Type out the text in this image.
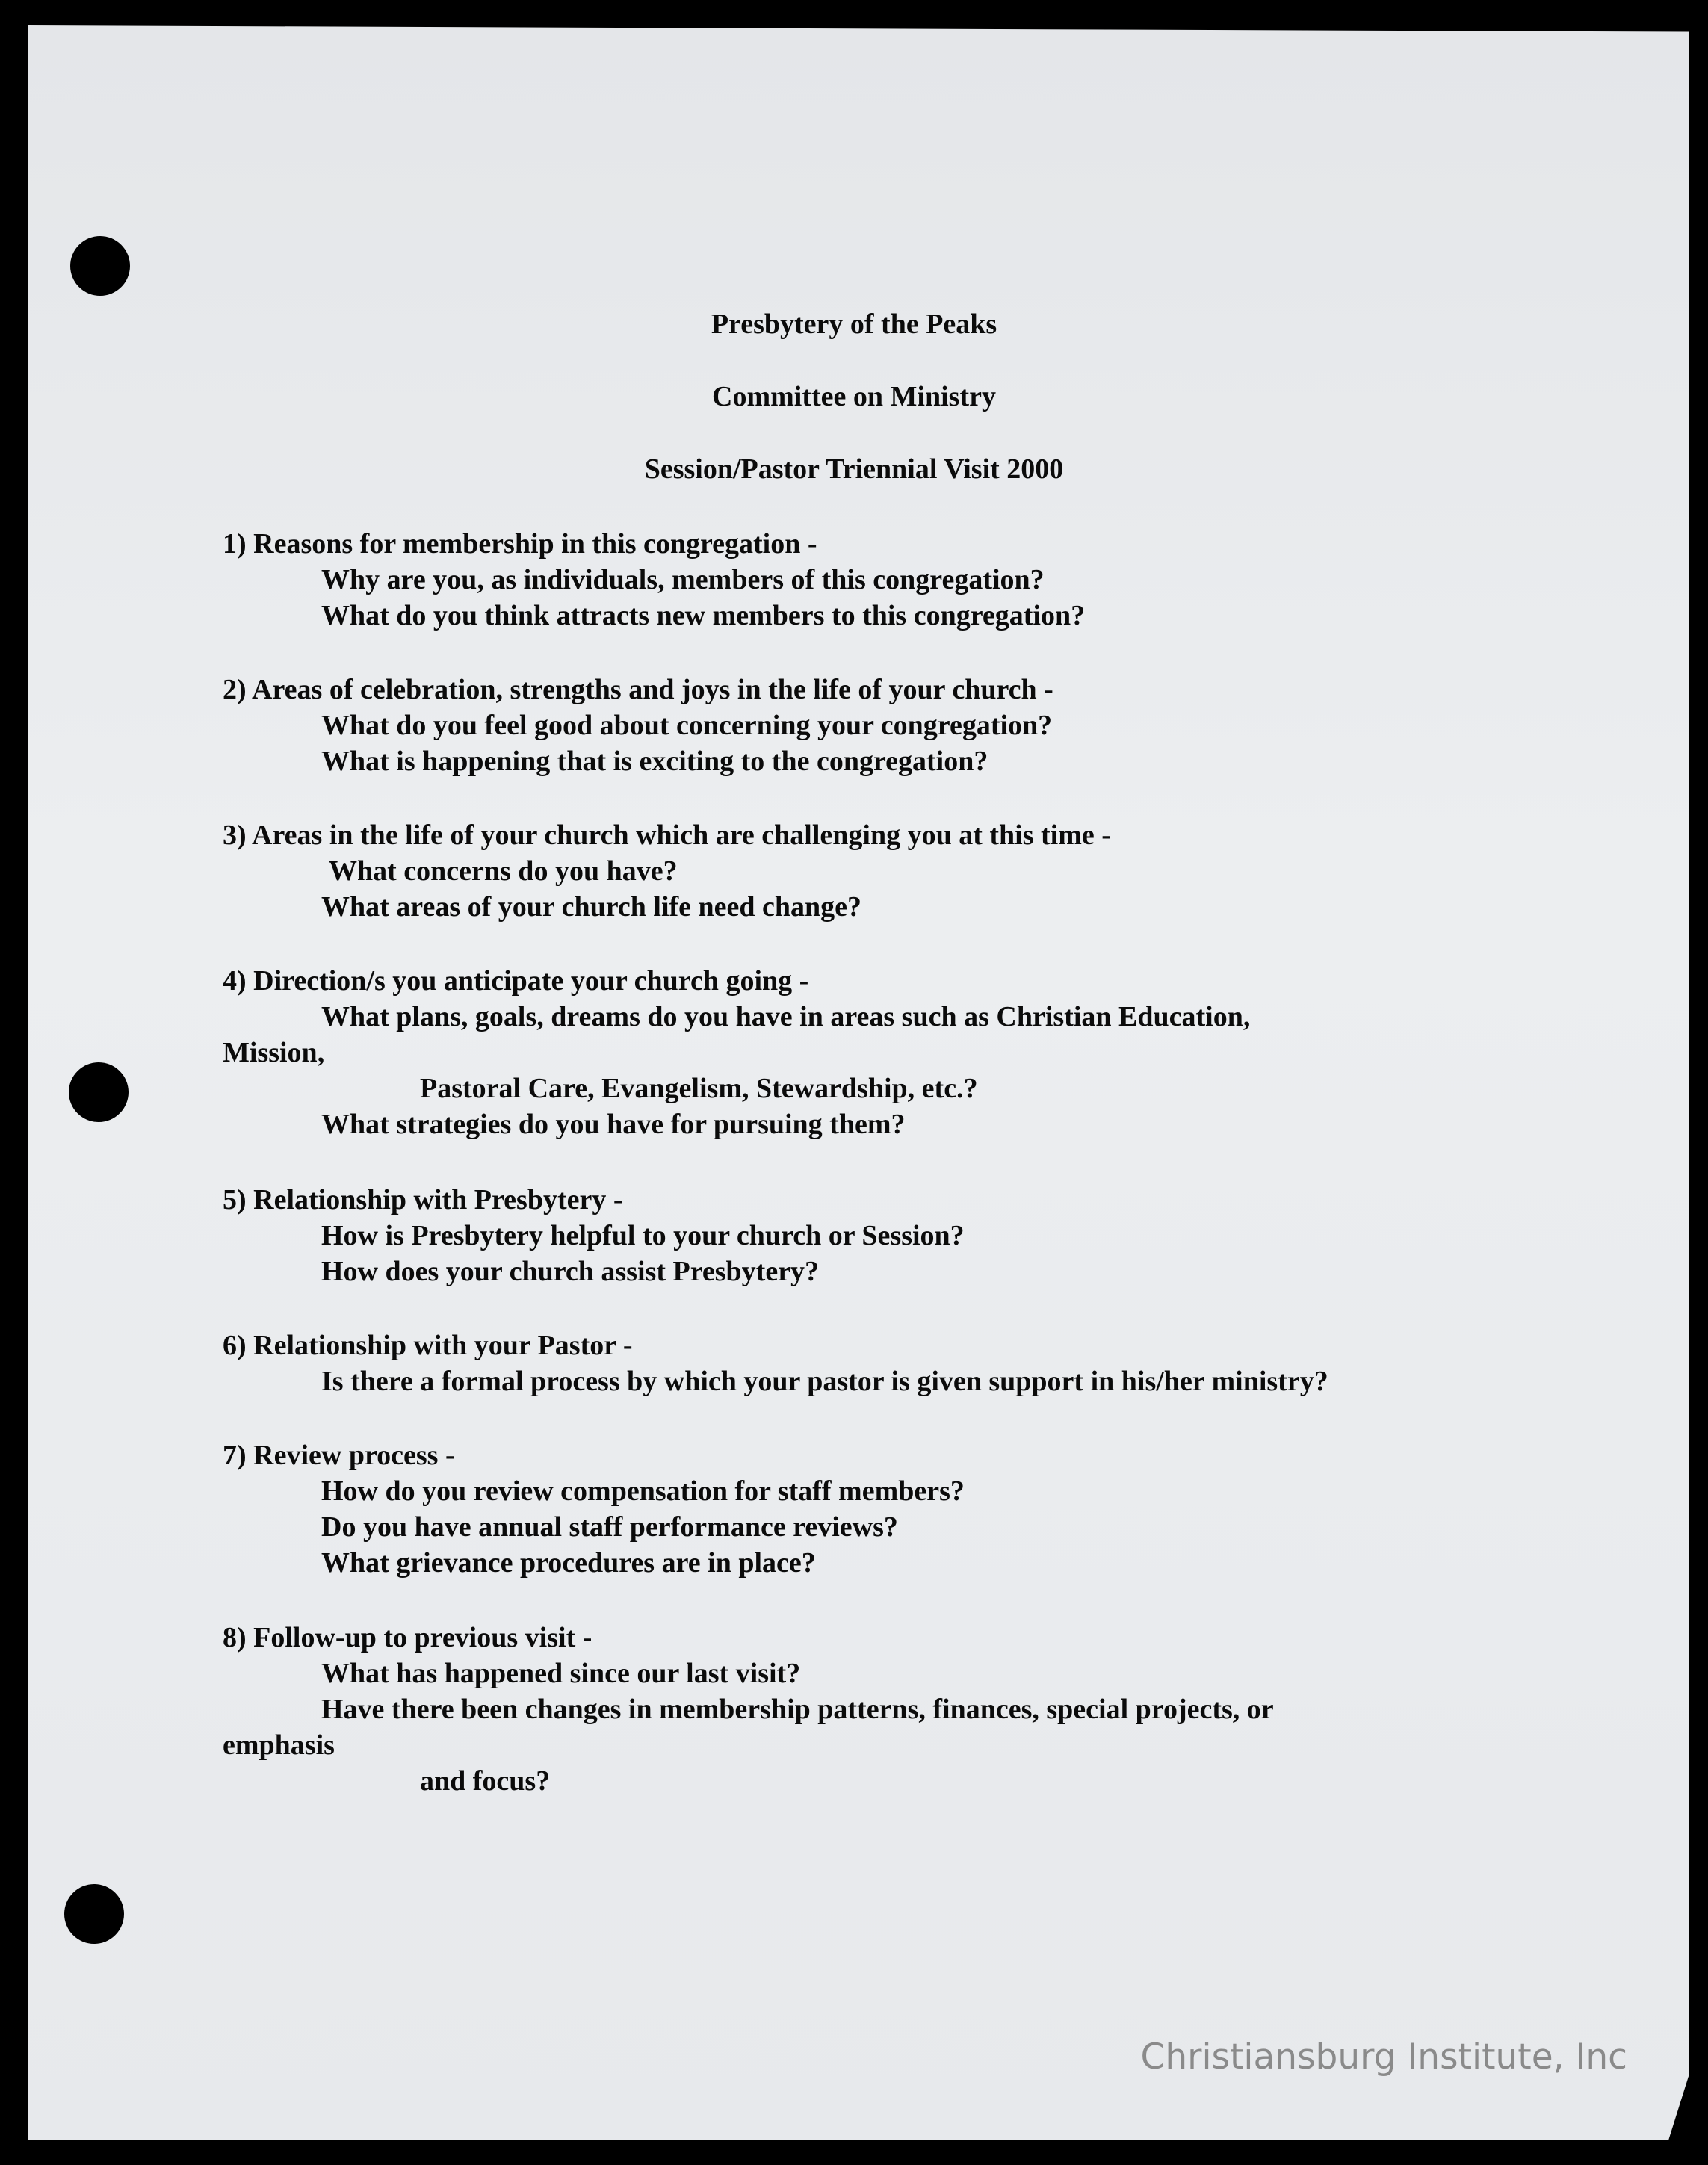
Presbytery of the Peaks
Committee on Ministry
Session/Pastor Triennial Visit 2000
1) Reasons for membership in this congregation -
Why are you, as individuals, members of this congregation?
What do you think attracts new members to this congregation?
2) Areas of celebration, strengths and joys in the life of your church -
What do you feel good about concerning your congregation?
What is happening that is exciting to the congregation?
3) Areas in the life of your church which are challenging you at this time -
What concerns do you have?
What areas of your church life need change?
4) Direction/s you anticipate your church going -
What plans, goals, dreams do you have in areas such as Christian Education,
Mission,
Pastoral Care, Evangelism, Stewardship, etc.?
What strategies do you have for pursuing them?
5) Relationship with Presbytery -
How is Presbytery helpful to your church or Session?
How does your church assist Presbytery?
6) Relationship with your Pastor -
Is there a formal process by which your pastor is given support in his/her ministry?
7) Review process -
How do you review compensation for staff members?
Do you have annual staff performance reviews?
What grievance procedures are in place?
8) Follow-up to previous visit -
What has happened since our last visit?
Have there been changes in membership patterns, finances, special projects, or
emphasis
and focus?
Christiansburg Institute, Inc
